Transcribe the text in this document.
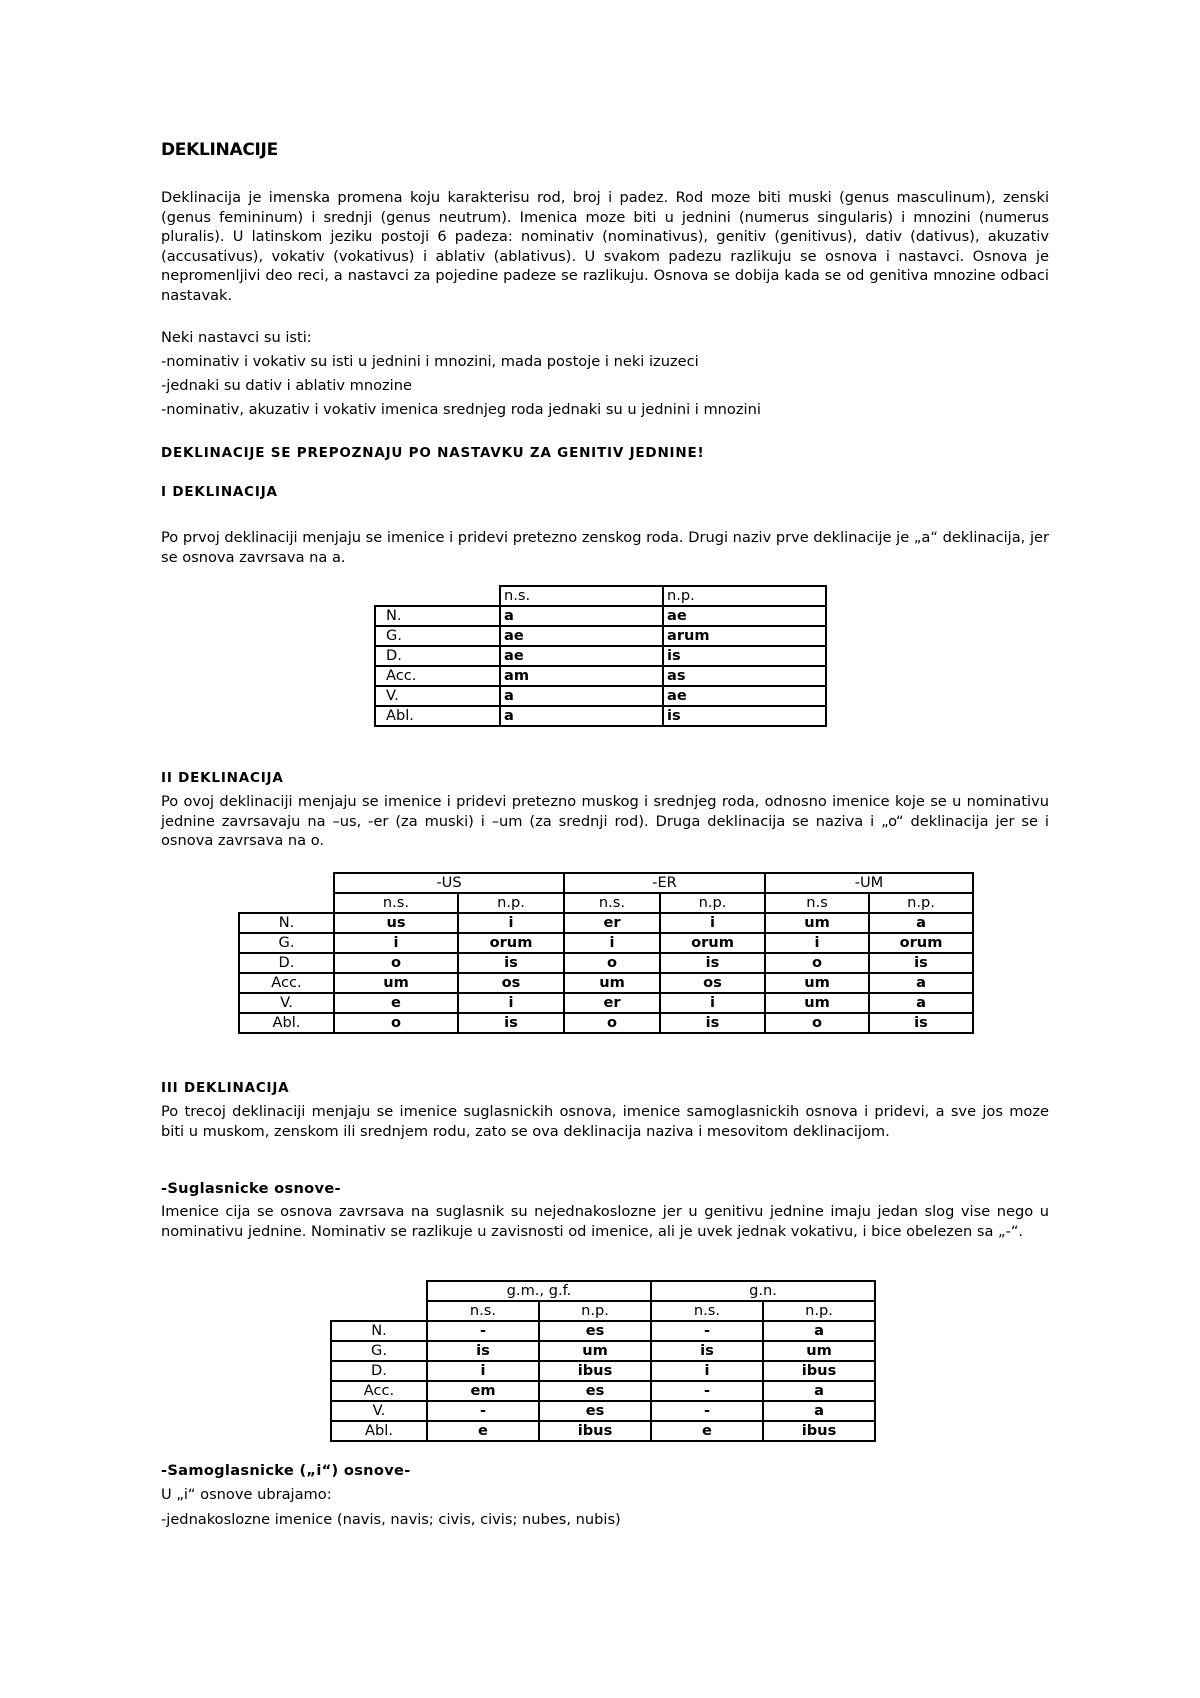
DEKLINACIJE

Deklinacija je imenska promena koju karakterisu rod, broj i padez. Rod moze biti muski (genus masculinum), zenski (genus femininum) i srednji (genus neutrum). Imenica moze biti u jednini (numerus singularis) i mnozini (numerus pluralis). U latinskom jeziku postoji 6 padeza: nominativ (nominativus), genitiv (genitivus), dativ (dativus), akuzativ (accusativus), vokativ (vokativus) i ablativ (ablativus). U svakom padezu razlikuju se osnova i nastavci. Osnova je nepromenljivi deo reci, a nastavci za pojedine padeze se razlikuju. Osnova se dobija kada se od genitiva mnozine odbaci nastavak.

Neki nastavci su isti:
-nominativ i vokativ su isti u jednini i mnozini, mada postoje i neki izuzeci
-jednaki su dativ i ablativ mnozine
-nominativ, akuzativ i vokativ imenica srednjeg roda jednaki su u jednini i mnozini
DEKLINACIJE SE PREPOZNAJU PO NASTAVKU ZA GENITIV JEDNINE!
I DEKLINACIJA

Po prvoj deklinaciji menjaju se imenice i pridevi pretezno zenskog roda. Drugi naziv prve deklinacije je „a“ deklinacija, jer se osnova zavrsava na a.

	n.s.	n.p.
N.	a	ae
G.	ae	arum
D.	ae	is
Acc.	am	as
V.	a	ae
Abl.	a	is
II DEKLINACIJA

Po ovoj deklinaciji menjaju se imenice i pridevi pretezno muskog i srednjeg roda, odnosno imenice koje se u nominativu jednine zavrsavaju na –us, -er (za muski) i –um (za srednji rod). Druga deklinacija se naziva i „o“ deklinacija jer se i osnova zavrsava na o.

	-US		-ER		-UM	
	n.s.	n.p.	n.s.	n.p.	n.s	n.p.
N.	us	i	er	i	um	a
G.	i	orum	i	orum	i	orum
D.	o	is	o	is	o	is
Acc.	um	os	um	os	um	a
V.	e	i	er	i	um	a
Abl.	o	is	o	is	o	is
III DEKLINACIJA

Po trecoj deklinaciji menjaju se imenice suglasnickih osnova, imenice samoglasnickih osnova i pridevi, a sve jos moze biti u muskom, zenskom ili srednjem rodu, zato se ova deklinacija naziva i mesovitom deklinacijom.

-Suglasnicke osnove-

Imenice cija se osnova zavrsava na suglasnik su nejednakoslozne jer u genitivu jednine imaju jedan slog vise nego u nominativu jednine. Nominativ se razlikuje u zavisnosti od imenice, ali je uvek jednak vokativu, i bice obelezen sa „-“.

	g.m., g.f.		g.n.	
	n.s.	n.p.	n.s.	n.p.
N.	-	es	-	a
G.	is	um	is	um
D.	i	ibus	i	ibus
Acc.	em	es	-	a
V.	-	es	-	a
Abl.	e	ibus	e	ibus
-Samoglasnicke („i“) osnove-
U „i“ osnove ubrajamo:
-jednakoslozne imenice (navis, navis; civis, civis; nubes, nubis)
